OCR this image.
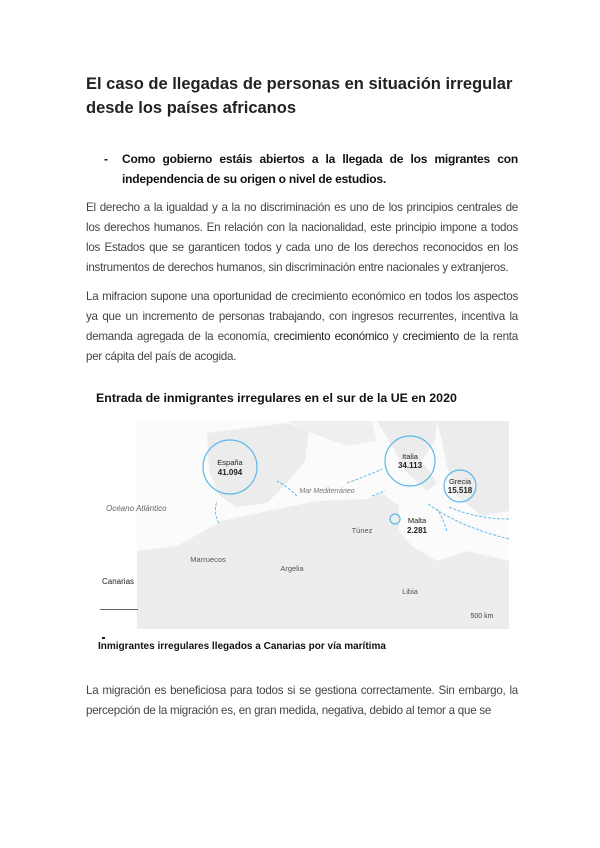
El caso de llegadas de personas en situación irregular desde los países africanos
- Como gobierno estáis abiertos a la llegada de los migrantes con independencia de su origen o nivel de estudios.

El derecho a la igualdad y a la no discriminación es uno de los principios centrales de los derechos humanos. En relación con la nacionalidad, este principio impone a todos los Estados que se garanticen todos y cada uno de los derechos reconocidos en los instrumentos de derechos humanos, sin discriminación entre nacionales y extranjeros.

La mifracion supone una oportunidad de crecimiento económico en todos los aspectos ya que un incremento de personas trabajando, con ingresos recurrentes, incentiva la demanda agregada de la economía, crecimiento económico y crecimiento de la renta per cápita del país de acogida.

Entrada de inmigrantes irregulares en el sur de la UE en 2020
España
41.094
Italia
34.113
Grecia
15.518
Malta
2.281
Mar Mediterráneo
Marruecos
Argelia
Túnez
Libia
500 km
Océano Atlántico
Canarias
Inmigrantes irregulares llegados a Canarias por vía marítima

La migración es beneficiosa para todos si se gestiona correctamente. Sin embargo, la percepción de la migración es, en gran medida, negativa, debido al temor a que se
